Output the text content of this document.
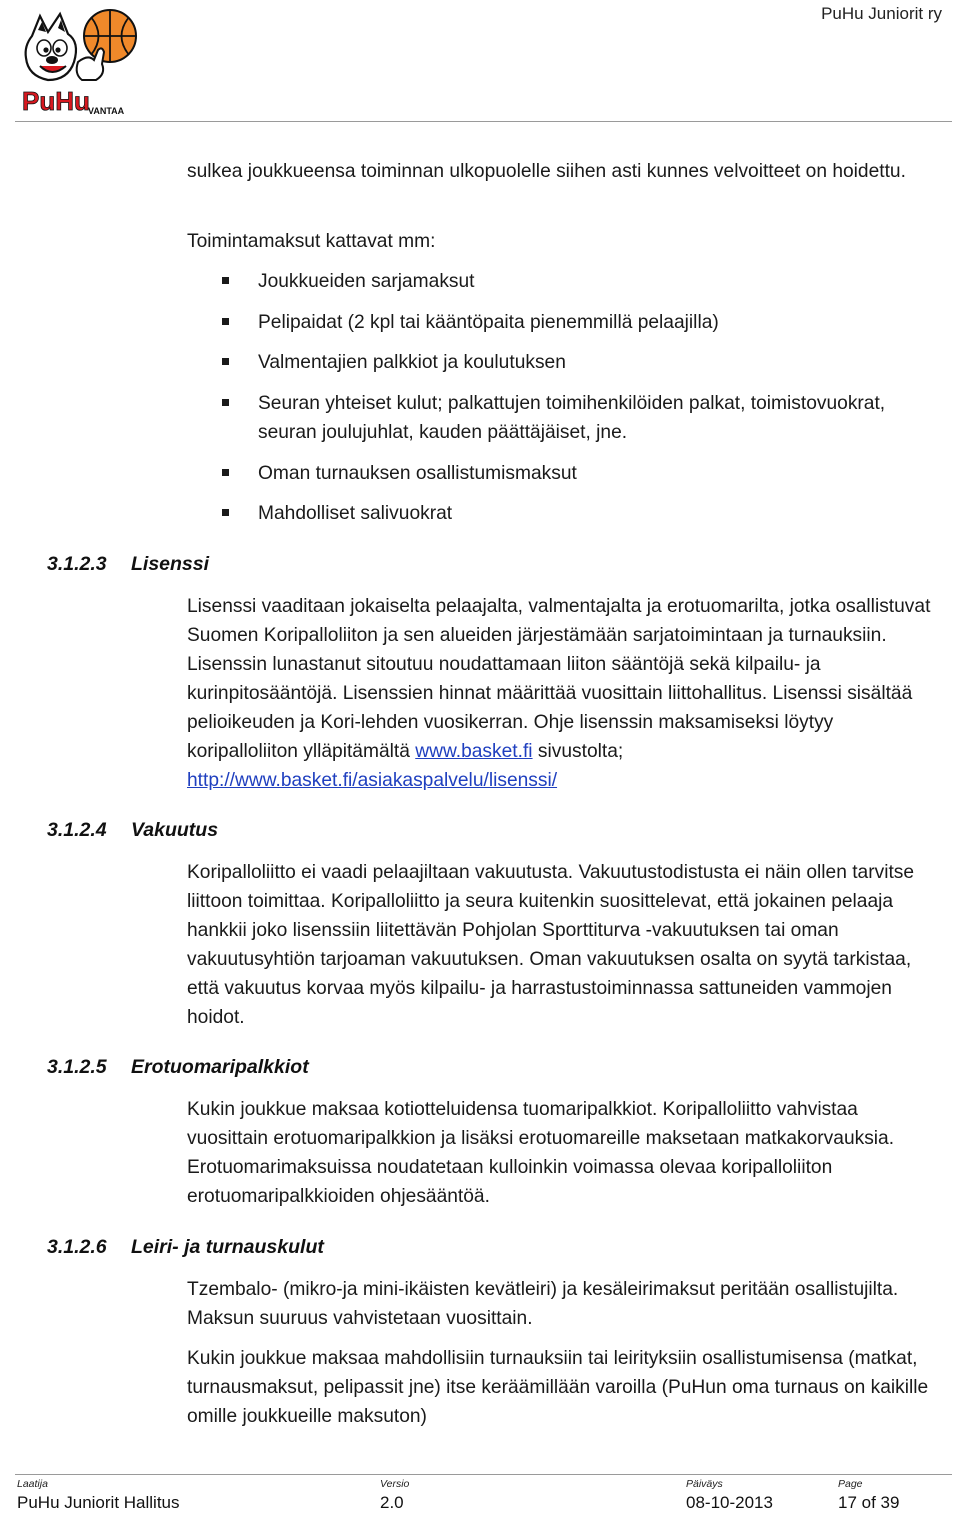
PuHu
VANTAA
PuHu Juniorit ry
sulkea joukkueensa toiminnan ulkopuolelle siihen asti kunnes velvoitteet on hoidettu.
Toimintamaksut kattavat mm:
Joukkueiden sarjamaksut
Pelipaidat (2 kpl tai kääntöpaita pienemmillä pelaajilla)
Valmentajien palkkiot ja koulutuksen
Seuran yhteiset kulut; palkattujen toimihenkilöiden palkat, toimistovuokrat, seuran joulujuhlat, kauden päättäjäiset, jne.
Oman turnauksen osallistumismaksut
Mahdolliset salivuokrat
3.1.2.3 Lisenssi
Lisenssi vaaditaan jokaiselta pelaajalta, valmentajalta ja erotuomarilta, jotka osallistuvat Suomen Koripalloliiton ja sen alueiden järjestämään sarjatoimintaan ja turnauksiin. Lisenssin lunastanut sitoutuu noudattamaan liiton sääntöjä sekä kilpailu- ja kurinpitosääntöjä. Lisenssien hinnat määrittää vuosittain liittohallitus. Lisenssi sisältää pelioikeuden ja Kori-lehden vuosikerran. Ohje lisenssin maksamiseksi löytyy koripalloliiton ylläpitämältä www.basket.fi sivustolta; http://www.basket.fi/asiakaspalvelu/lisenssi/
3.1.2.4 Vakuutus
Koripalloliitto ei vaadi pelaajiltaan vakuutusta. Vakuutustodistusta ei näin ollen tarvitse liittoon toimittaa. Koripalloliitto ja seura kuitenkin suosittelevat, että jokainen pelaaja hankkii joko lisenssiin liitettävän Pohjolan Sporttiturva -vakuutuksen tai oman vakuutusyhtiön tarjoaman vakuutuksen. Oman vakuutuksen osalta on syytä tarkistaa, että vakuutus korvaa myös kilpailu- ja harrastustoiminnassa sattuneiden vammojen hoidot.
3.1.2.5 Erotuomaripalkkiot
Kukin joukkue maksaa kotiotteluidensa tuomaripalkkiot. Koripalloliitto vahvistaa vuosittain erotuomaripalkkion ja lisäksi erotuomareille maksetaan matkakorvauksia. Erotuomarimaksuissa noudatetaan kulloinkin voimassa olevaa koripalloliiton erotuomaripalkkioiden ohjesääntöä.
3.1.2.6 Leiri- ja turnauskulut
Tzembalo- (mikro-ja mini-ikäisten kevätleiri) ja kesäleirimaksut peritään osallistujilta. Maksun suuruus vahvistetaan vuosittain.
Kukin joukkue maksaa mahdollisiin turnauksiin tai leirityksiin osallistumisensa (matkat, turnausmaksut, pelipassit jne) itse keräämillään varoilla (PuHun oma turnaus on kaikille omille joukkueille maksuton)
Laatija
PuHu Juniorit Hallitus
Versio
2.0
Päiväys
08-10-2013
Page
17 of 39
